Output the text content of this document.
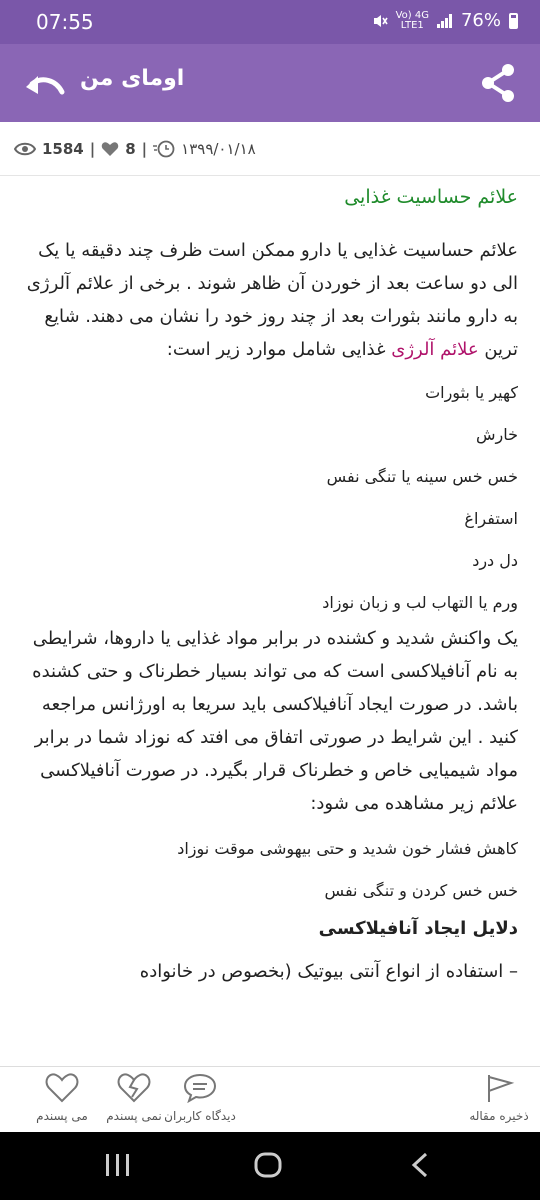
07:55	Vo) 4G
LTE1 76%
اومای من
1584 | 8 | ۱۳۹۹/۰۱/۱۸
علائم حساسیت غذایی
علائم حساسیت غذایی یا دارو ممکن است ظرف چند دقیقه یا یک الی دو ساعت بعد از خوردن آن ظاهر شوند . برخی از علائم آلرژی به دارو مانند بثورات بعد از چند روز خود را نشان می دهند. شایع ترین علائم آلرژی غذایی شامل موارد زیر است:
کهیر یا بثورات
خارش
خس خس سینه یا تنگی نفس
استفراغ
دل درد
ورم یا التهاب لب و زبان نوزاد
یک واکنش شدید و کشنده در برابر مواد غذایی یا داروها، شرایطی به نام آنافیلاکسی است که می تواند بسیار خطرناک و حتی کشنده باشد. در صورت ایجاد آنافیلاکسی باید سریعا به اورژانس مراجعه کنید . این شرایط در صورتی اتفاق می افتد که نوزاد شما در برابر مواد شیمیایی خاص و خطرناک قرار بگیرد. در صورت آنافیلاکسی علائم زیر مشاهده می شود:
کاهش فشار خون شدید و حتی بیهوشی موقت نوزاد
خس خس کردن و تنگی نفس
دلایل ایجاد آنافیلاکسی
– استفاده از انواع آنتی بیوتیک (بخصوص در خانواده
می پسندم	نمی پسندم دیدگاه کاربران	ذخیره مقاله
